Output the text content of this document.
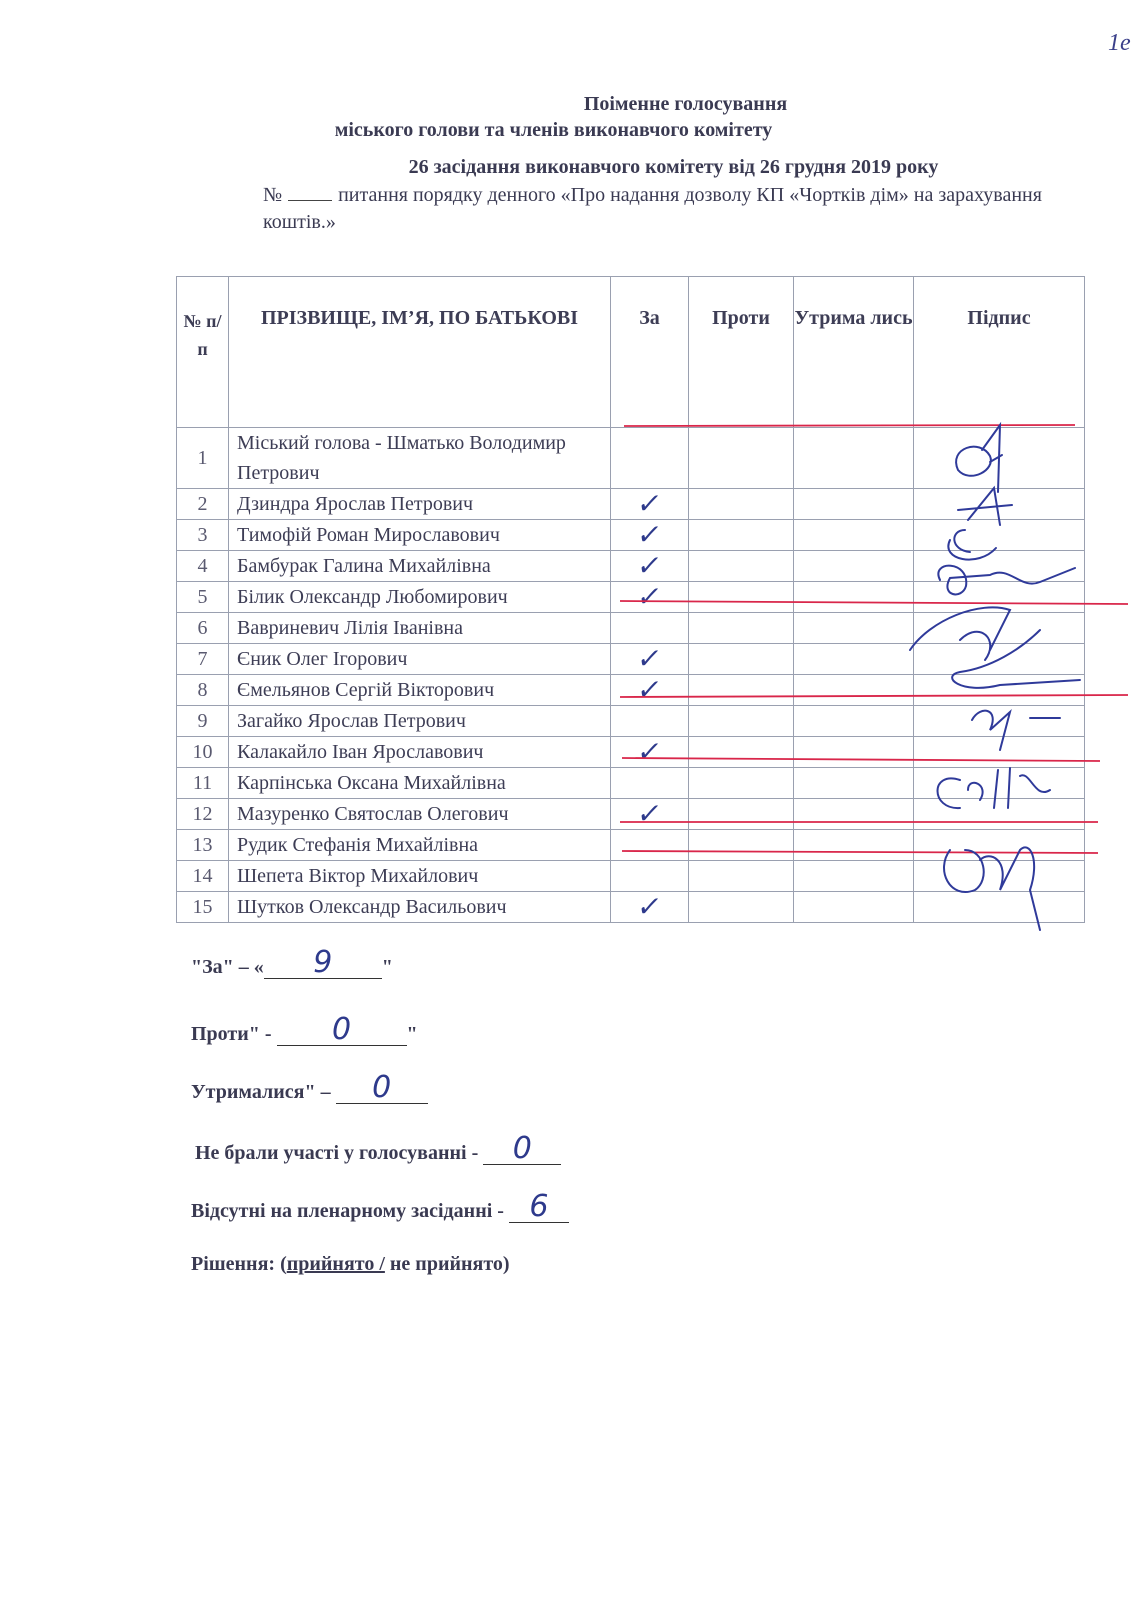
1е
Поіменне голосування
міського голови та членів виконавчого комітету
26 засідання виконавчого комітету від 26 грудня 2019 року
№	питання порядку денного «Про надання дозволу КП «Чортків дім» на зарахування коштів.»
№ п/ п	ПРІЗВИЩЕ, ІМ’Я, ПО БАТЬКОВІ	За	Проти	Утрима лись	Підпис
1	Міський голова - Шматько Володимир Петрович	

2	Дзиндра Ярослав Петрович	✓			

3	Тимофій Роман Мирославович	✓			

4	Бамбурак Галина Михайлівна	✓			

5	Білик Олександр Любомирович	✓			

6	Вавриневич Лілія Іванівна	

7	Єник Олег Ігорович	✓			

8	Ємельянов Сергій Вікторович	✓			

9	Загайко Ярослав Петрович	

10	Калакайло Іван Ярославович	✓			

11	Карпінська Оксана Михайлівна	

12	Мазуренко Святослав Олегович	✓			

13	Рудик Стефанія Михайлівна	

14	Шепета Віктор Михайлович	

15	Шутков Олександр Васильович	✓			

"За" – « 9 "
Проти" - 0	"
Утрималися" – 0
Не брали участі у голосуванні - 0
Відсутні на пленарному засіданні - 6
Рішення: (прийнято / не прийнято)
